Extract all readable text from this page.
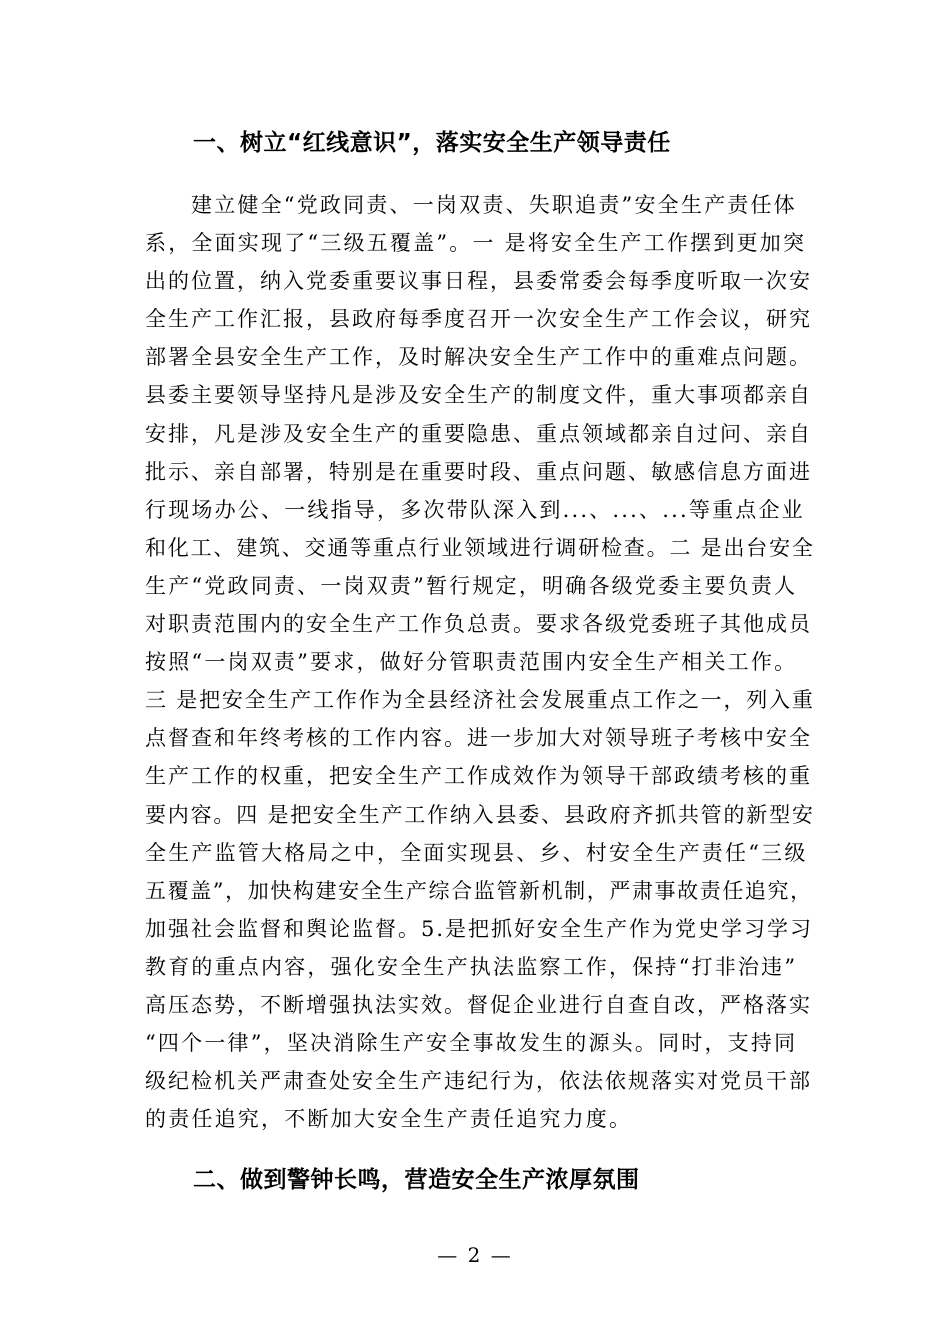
一、树立“红线意识”，落实安全生产领导责任
建立健全“党政同责、一岗双责、失职追责”安全生产责任体
系，全面实现了“三级五覆盖”。一 是将安全生产工作摆到更加突
出的位置，纳入党委重要议事日程，县委常委会每季度听取一次安
全生产工作汇报，县政府每季度召开一次安全生产工作会议，研究
部署全县安全生产工作，及时解决安全生产工作中的重难点问题。
县委主要领导坚持凡是涉及安全生产的制度文件，重大事项都亲自
安排，凡是涉及安全生产的重要隐患、重点领域都亲自过问、亲自
批示、亲自部署，特别是在重要时段、重点问题、敏感信息方面进
行现场办公、一线指导，多次带队深入到...、...、...等重点企业
和化工、建筑、交通等重点行业领域进行调研检查。二 是出台安全
生产“党政同责、一岗双责”暂行规定，明确各级党委主要负责人
对职责范围内的安全生产工作负总责。要求各级党委班子其他成员
按照“一岗双责”要求，做好分管职责范围内安全生产相关工作。
三 是把安全生产工作作为全县经济社会发展重点工作之一，列入重
点督查和年终考核的工作内容。进一步加大对领导班子考核中安全
生产工作的权重，把安全生产工作成效作为领导干部政绩考核的重
要内容。四 是把安全生产工作纳入县委、县政府齐抓共管的新型安
全生产监管大格局之中，全面实现县、乡、村安全生产责任“三级
五覆盖”，加快构建安全生产综合监管新机制，严肃事故责任追究，
加强社会监督和舆论监督。5.是把抓好安全生产作为党史学习学习
教育的重点内容，强化安全生产执法监察工作，保持“打非治违”
高压态势，不断增强执法实效。督促企业进行自查自改，严格落实
“四个一律”，坚决消除生产安全事故发生的源头。同时，支持同
级纪检机关严肃查处安全生产违纪行为，依法依规落实对党员干部
的责任追究，不断加大安全生产责任追究力度。
二、做到警钟长鸣，营造安全生产浓厚氛围
— 2 —
